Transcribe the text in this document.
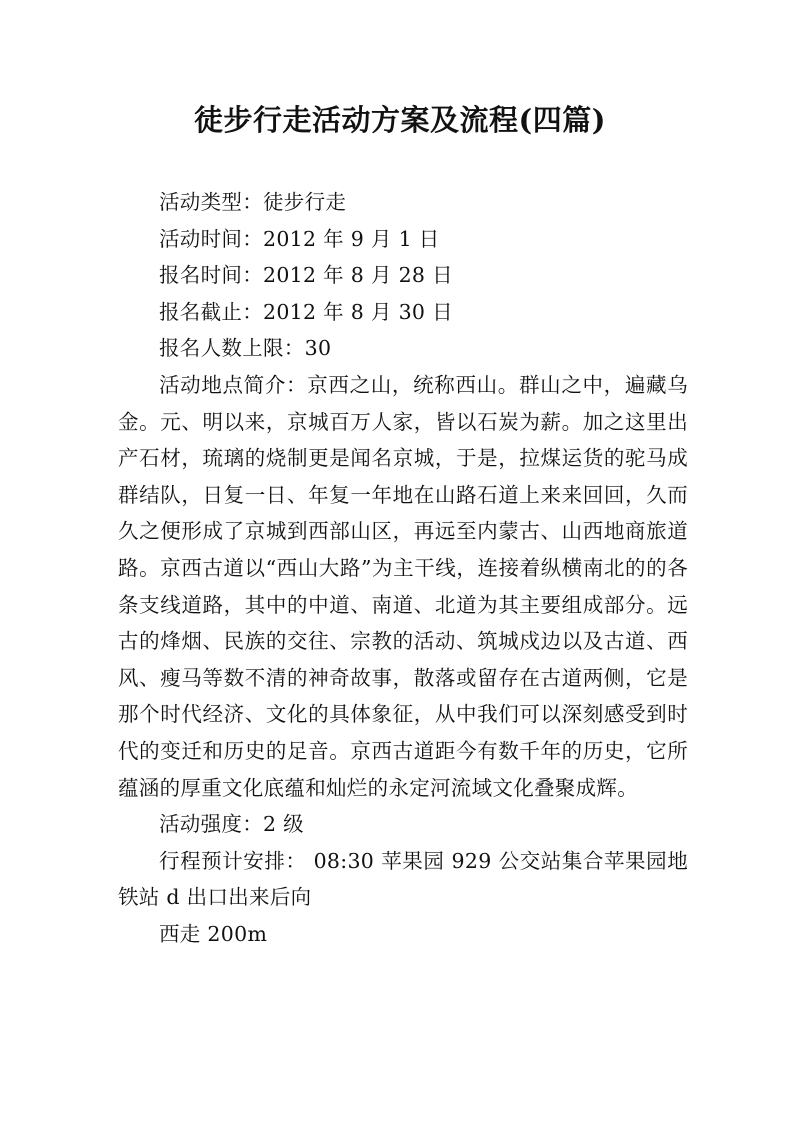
徒步行走活动方案及流程(四篇)

活动类型：徒步行走

活动时间：2012 年 9 月 1 日

报名时间：2012 年 8 月 28 日

报名截止：2012 年 8 月 30 日

报名人数上限：30

活动地点简介：京西之山，统称西山。群山之中，遍藏乌金。元、明以来，京城百万人家，皆以石炭为薪。加之这里出产石材，琉璃的烧制更是闻名京城，于是，拉煤运货的驼马成群结队，日复一日、年复一年地在山路石道上来来回回，久而久之便形成了京城到西部山区，再远至内蒙古、山西地商旅道路。京西古道以“西山大路”为主干线，连接着纵横南北的的各条支线道路，其中的中道、南道、北道为其主要组成部分。远古的烽烟、民族的交往、宗教的活动、筑城戍边以及古道、西风、瘦马等数不清的神奇故事，散落或留存在古道两侧，它是那个时代经济、文化的具体象征，从中我们可以深刻感受到时代的变迁和历史的足音。京西古道距今有数千年的历史，它所蕴涵的厚重文化底蕴和灿烂的永定河流域文化叠聚成辉。

活动强度：2 级

行程预计安排： 08:30 苹果园 929 公交站集合苹果园地铁站 d 出口出来后向

西走 200m
